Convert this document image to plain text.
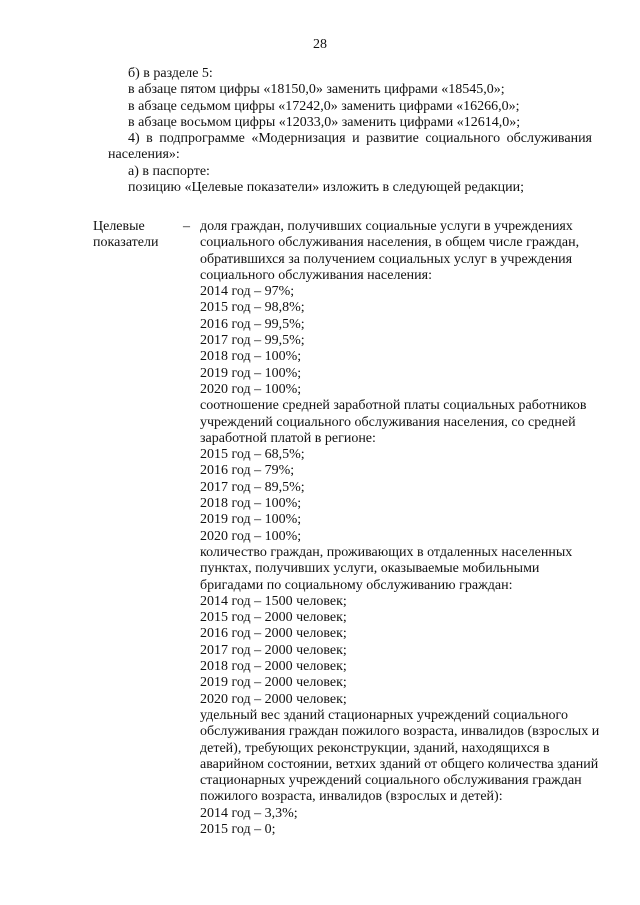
28
б) в разделе 5:
в абзаце пятом цифры «18150,0» заменить цифрами «18545,0»;
в абзаце седьмом цифры «17242,0» заменить цифрами «16266,0»;
в абзаце восьмом цифры «12033,0» заменить цифрами «12614,0»;
4) в подпрограмме «Модернизация и развитие социального обслуживания
населения»:
а) в паспорте:
позицию «Целевые показатели» изложить в следующей редакции;
Целевые
показатели
– доля граждан, получивших социальные услуги в учреждениях
социального обслуживания населения, в общем числе граждан,
обратившихся за получением социальных услуг в учреждения
социального обслуживания населения:
2014 год – 97%;
2015 год – 98,8%;
2016 год – 99,5%;
2017 год – 99,5%;
2018 год – 100%;
2019 год – 100%;
2020 год – 100%;
соотношение средней заработной платы социальных работников
учреждений социального обслуживания населения, со средней
заработной платой в регионе:
2015 год – 68,5%;
2016 год – 79%;
2017 год – 89,5%;
2018 год – 100%;
2019 год – 100%;
2020 год – 100%;
количество граждан, проживающих в отдаленных населенных
пунктах, получивших услуги, оказываемые мобильными
бригадами по социальному обслуживанию граждан:
2014 год – 1500 человек;
2015 год – 2000 человек;
2016 год – 2000 человек;
2017 год – 2000 человек;
2018 год – 2000 человек;
2019 год – 2000 человек;
2020 год – 2000 человек;
удельный вес зданий стационарных учреждений социального
обслуживания граждан пожилого возраста, инвалидов (взрослых и
детей), требующих реконструкции, зданий, находящихся в
аварийном состоянии, ветхих зданий от общего количества зданий
стационарных учреждений социального обслуживания граждан
пожилого возраста, инвалидов (взрослых и детей):
2014 год – 3,3%;
2015 год – 0;
